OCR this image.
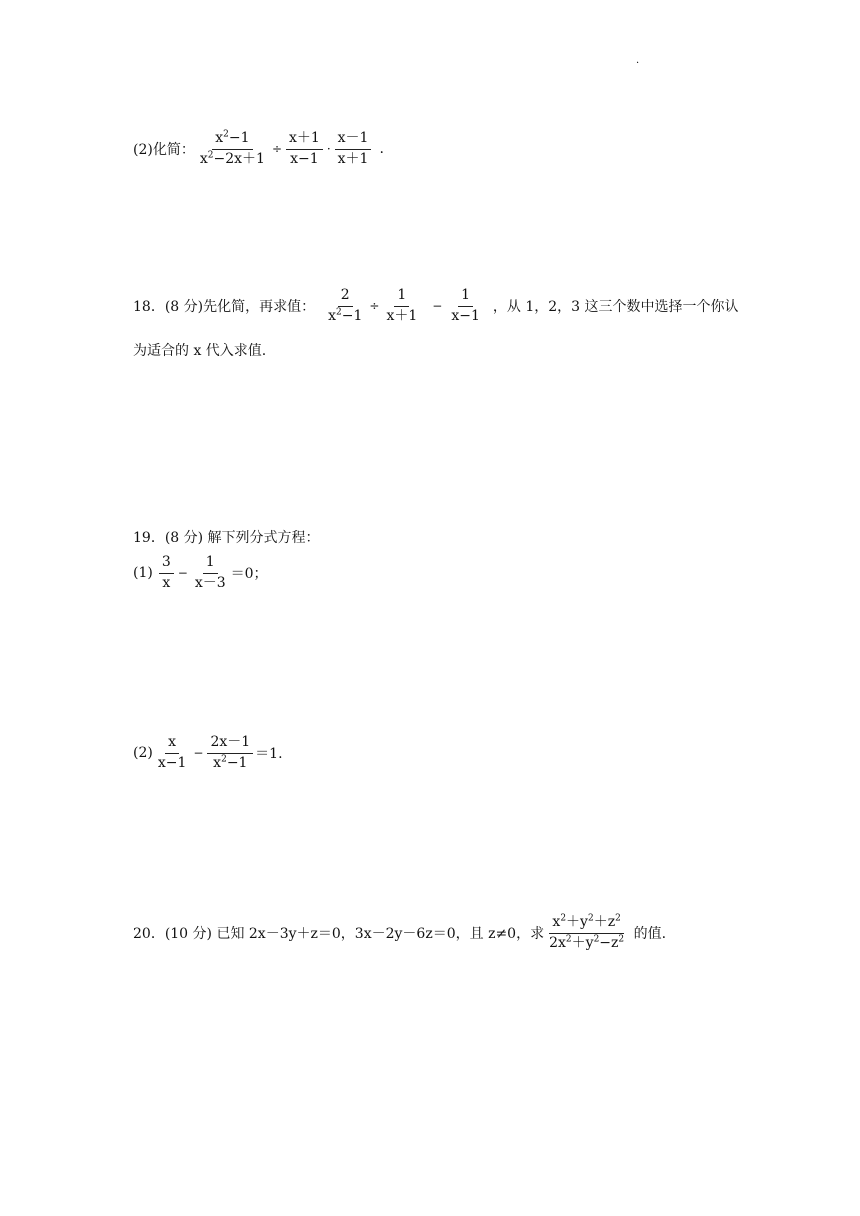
·
(2)化简： $\frac{x^2-1}{x^2-2x+1} \div \frac{x+1}{x-1} \cdot \frac{x-1}{x+1}$ .
18．(8 分)先化简，再求值： $\frac{2}{x^2-1} \div \frac{1}{x+1} - \frac{1}{x-1}$ ，从 1，2，3 这三个数中选择一个你认
为适合的 x 代入求值.
19．(8 分) 解下列分式方程：
$(1) \frac{3}{x} - \frac{1}{x-3} =0$；
$(2) \frac{x}{x-1} - \frac{2x-1}{x^2-1} =1$.
20．(10 分) 已知 2x－3y＋z＝0，3x－2y－6z＝0，且 z≠0，求 $\frac{x^2+y^2+z^2}{2x^2+y^2-z^2}$ 的值.
